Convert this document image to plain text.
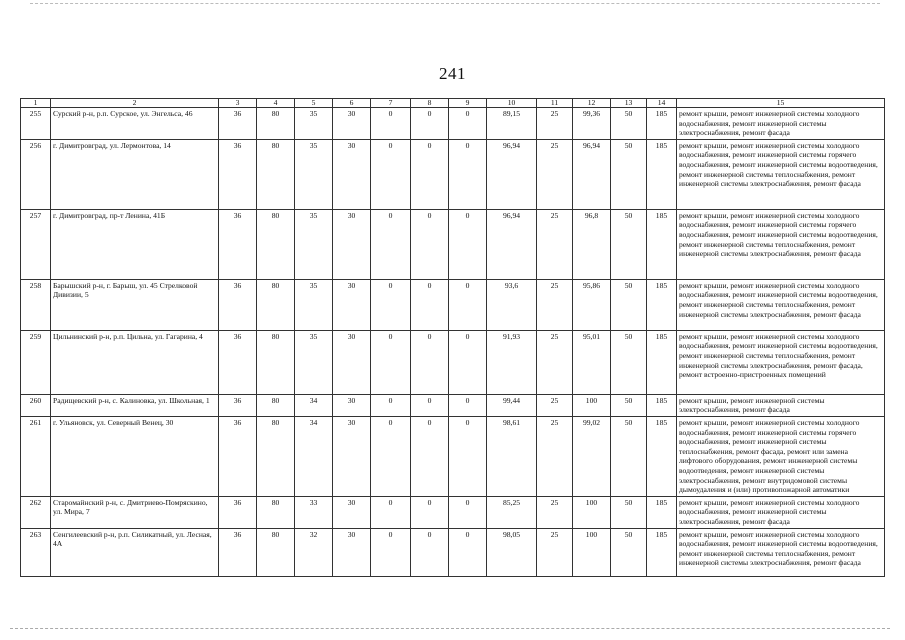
241
1	2	3	4	5	6	7	8	9	10	11	12	13	14	15
255	Сурский р-н, р.п. Сурское, ул. Энгельса, 46	36	80	35	30	0	0	0	89,15	25	99,36	50	185	ремонт крыши, ремонт инженерной системы холодного водоснабжения, ремонт инженерной системы электроснабжения, ремонт фасада
256	г. Димитровград, ул. Лермонтова, 14	36	80	35	30	0	0	0	96,94	25	96,94	50	185	ремонт крыши, ремонт инженерной системы холодного водоснабжения, ремонт инженерной системы горячего водоснабжения, ремонт инженерной системы водоотведения, ремонт инженерной системы теплоснабжения, ремонт инженерной системы электроснабжения, ремонт фасада
257	г. Димитровград, пр-т Ленина, 41Б	36	80	35	30	0	0	0	96,94	25	96,8	50	185	ремонт крыши, ремонт инженерной системы холодного водоснабжения, ремонт инженерной системы горячего водоснабжения, ремонт инженерной системы водоотведения, ремонт инженерной системы теплоснабжения, ремонт инженерной системы электроснабжения, ремонт фасада
258	Барышский р-н, г. Барыш, ул. 45 Стрелковой Дивизии, 5	36	80	35	30	0	0	0	93,6	25	95,86	50	185	ремонт крыши, ремонт инженерной системы холодного водоснабжения, ремонт инженерной системы водоотведения, ремонт инженерной системы теплоснабжения, ремонт инженерной системы электроснабжения, ремонт фасада
259	Цильнинский р-н, р.п. Цильна, ул. Гагарина, 4	36	80	35	30	0	0	0	91,93	25	95,01	50	185	ремонт крыши, ремонт инженерной системы холодного водоснабжения, ремонт инженерной системы водоотведения, ремонт инженерной системы теплоснабжения, ремонт инженерной системы электроснабжения, ремонт фасада, ремонт встроенно-пристроенных помещений
260	Радищевский р-н, с. Калиновка, ул. Школьная, 1	36	80	34	30	0	0	0	99,44	25	100	50	185	ремонт крыши, ремонт инженерной системы электроснабжения, ремонт фасада
261	г. Ульяновск, ул. Северный Венец, 30	36	80	34	30	0	0	0	98,61	25	99,02	50	185	ремонт крыши, ремонт инженерной системы холодного водоснабжения, ремонт инженерной системы горячего водоснабжения, ремонт инженерной системы теплоснабжения, ремонт фасада, ремонт или замена лифтового оборудования, ремонт инженерной системы водоотведения, ремонт инженерной системы электроснабжения, ремонт внутридомовой системы дымоудаления и (или) противопожарной автоматики
262	Старомайнский р-н, с. Дмитриево-Помряскино, ул. Мира, 7	36	80	33	30	0	0	0	85,25	25	100	50	185	ремонт крыши, ремонт инженерной системы холодного водоснабжения, ремонт инженерной системы электроснабжения, ремонт фасада
263	Сенгилеевский р-н, р.п. Силикатный, ул. Лесная, 4А	36	80	32	30	0	0	0	98,05	25	100	50	185	ремонт крыши, ремонт инженерной системы холодного водоснабжения, ремонт инженерной системы водоотведения, ремонт инженерной системы теплоснабжения, ремонт инженерной системы электроснабжения, ремонт фасада
